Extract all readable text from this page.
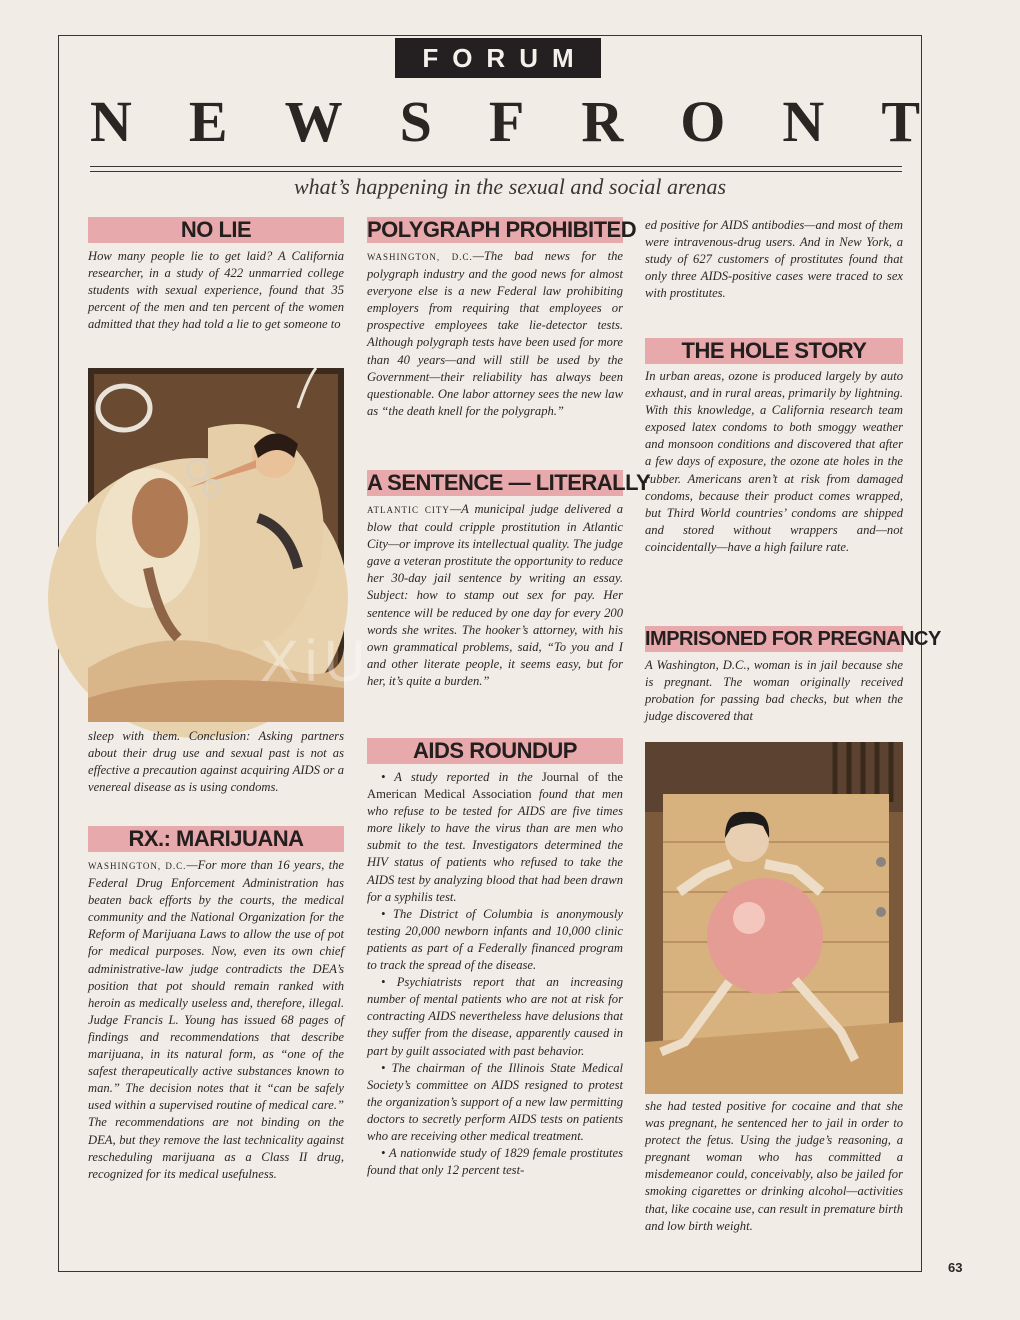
FORUM
N E W S F R O N T
what’s happening in the sexual and social arenas
NO LIE
How many people lie to get laid? A California researcher, in a study of 422 unmarried college students with sexual experience, found that 35 percent of the men and ten percent of the women admitted that they had told a lie to get someone to
sleep with them. Conclusion: Asking partners about their drug use and sexual past is not as effective a precaution against acquiring AIDS or a venereal disease as is using condoms.
RX.: MARIJUANA
WASHINGTON, D.C.—For more than 16 years, the Federal Drug Enforcement Administration has beaten back efforts by the courts, the medical community and the National Organization for the Reform of Marijuana Laws to allow the use of pot for medical purposes. Now, even its own chief administrative-law judge contradicts the DEA’s position that pot should remain ranked with heroin as medically useless and, therefore, illegal. Judge Francis L. Young has issued 68 pages of findings and recommendations that describe marijuana, in its natural form, as “one of the safest therapeutically active substances known to man.” The decision notes that it “can be safely used within a supervised routine of medical care.” The recommendations are not binding on the DEA, but they remove the last technicality against rescheduling marijuana as a Class II drug, recognized for its medical usefulness.
POLYGRAPH PROHIBITED
WASHINGTON, D.C.—The bad news for the polygraph industry and the good news for almost everyone else is a new Federal law prohibiting employers from requiring that employees or prospective employees take lie-detector tests. Although polygraph tests have been used for more than 40 years—and will still be used by the Government—their reliability has always been questionable. One labor attorney sees the new law as “the death knell for the polygraph.”
A SENTENCE — LITERALLY
ATLANTIC CITY—A municipal judge delivered a blow that could cripple prostitution in Atlantic City—or improve its intellectual quality. The judge gave a veteran prostitute the opportunity to reduce her 30-day jail sentence by writing an essay. Subject: how to stamp out sex for pay. Her sentence will be reduced by one day for every 200 words she writes. The hooker’s attorney, with his own grammatical problems, said, “To you and I and other literate people, it seems easy, but for her, it’s quite a burden.”
AIDS ROUNDUP

• A study reported in the Journal of the American Medical Association found that men who refuse to be tested for AIDS are five times more likely to have the virus than are men who submit to the test. Investigators determined the HIV status of patients who refused to take the AIDS test by analyzing blood that had been drawn for a syphilis test.

• The District of Columbia is anonymously testing 20,000 newborn infants and 10,000 clinic patients as part of a Federally financed program to track the spread of the disease.

• Psychiatrists report that an increasing number of mental patients who are not at risk for contracting AIDS nevertheless have delusions that they suffer from the disease, apparently caused in part by guilt associated with past behavior.

• The chairman of the Illinois State Medical Society’s committee on AIDS resigned to protest the organization’s support of a new law permitting doctors to secretly perform AIDS tests on patients who are receiving other medical treatment.

• A nationwide study of 1829 female prostitutes found that only 12 percent test-

ed positive for AIDS antibodies—and most of them were intravenous-drug users. And in New York, a study of 627 customers of prostitutes found that only three AIDS-positive cases were traced to sex with prostitutes.
THE HOLE STORY
In urban areas, ozone is produced largely by auto exhaust, and in rural areas, primarily by lightning. With this knowledge, a California research team exposed latex condoms to both smoggy weather and monsoon conditions and discovered that after a few days of exposure, the ozone ate holes in the rubber. Americans aren’t at risk from damaged condoms, because their product comes wrapped, but Third World countries’ condoms are shipped and stored without wrappers and—not coincidentally—have a high failure rate.
IMPRISONED FOR PREGNANCY
A Washington, D.C., woman is in jail because she is pregnant. The woman originally received probation for passing bad checks, but when the judge discovered that
she had tested positive for cocaine and that she was pregnant, he sentenced her to jail in order to protect the fetus. Using the judge’s reasoning, a pregnant woman who has committed a misdemeanor could, conceivably, also be jailed for smoking cigarettes or drinking alcohol—activities that, like cocaine use, can result in premature birth and low birth weight.
XiU
63
